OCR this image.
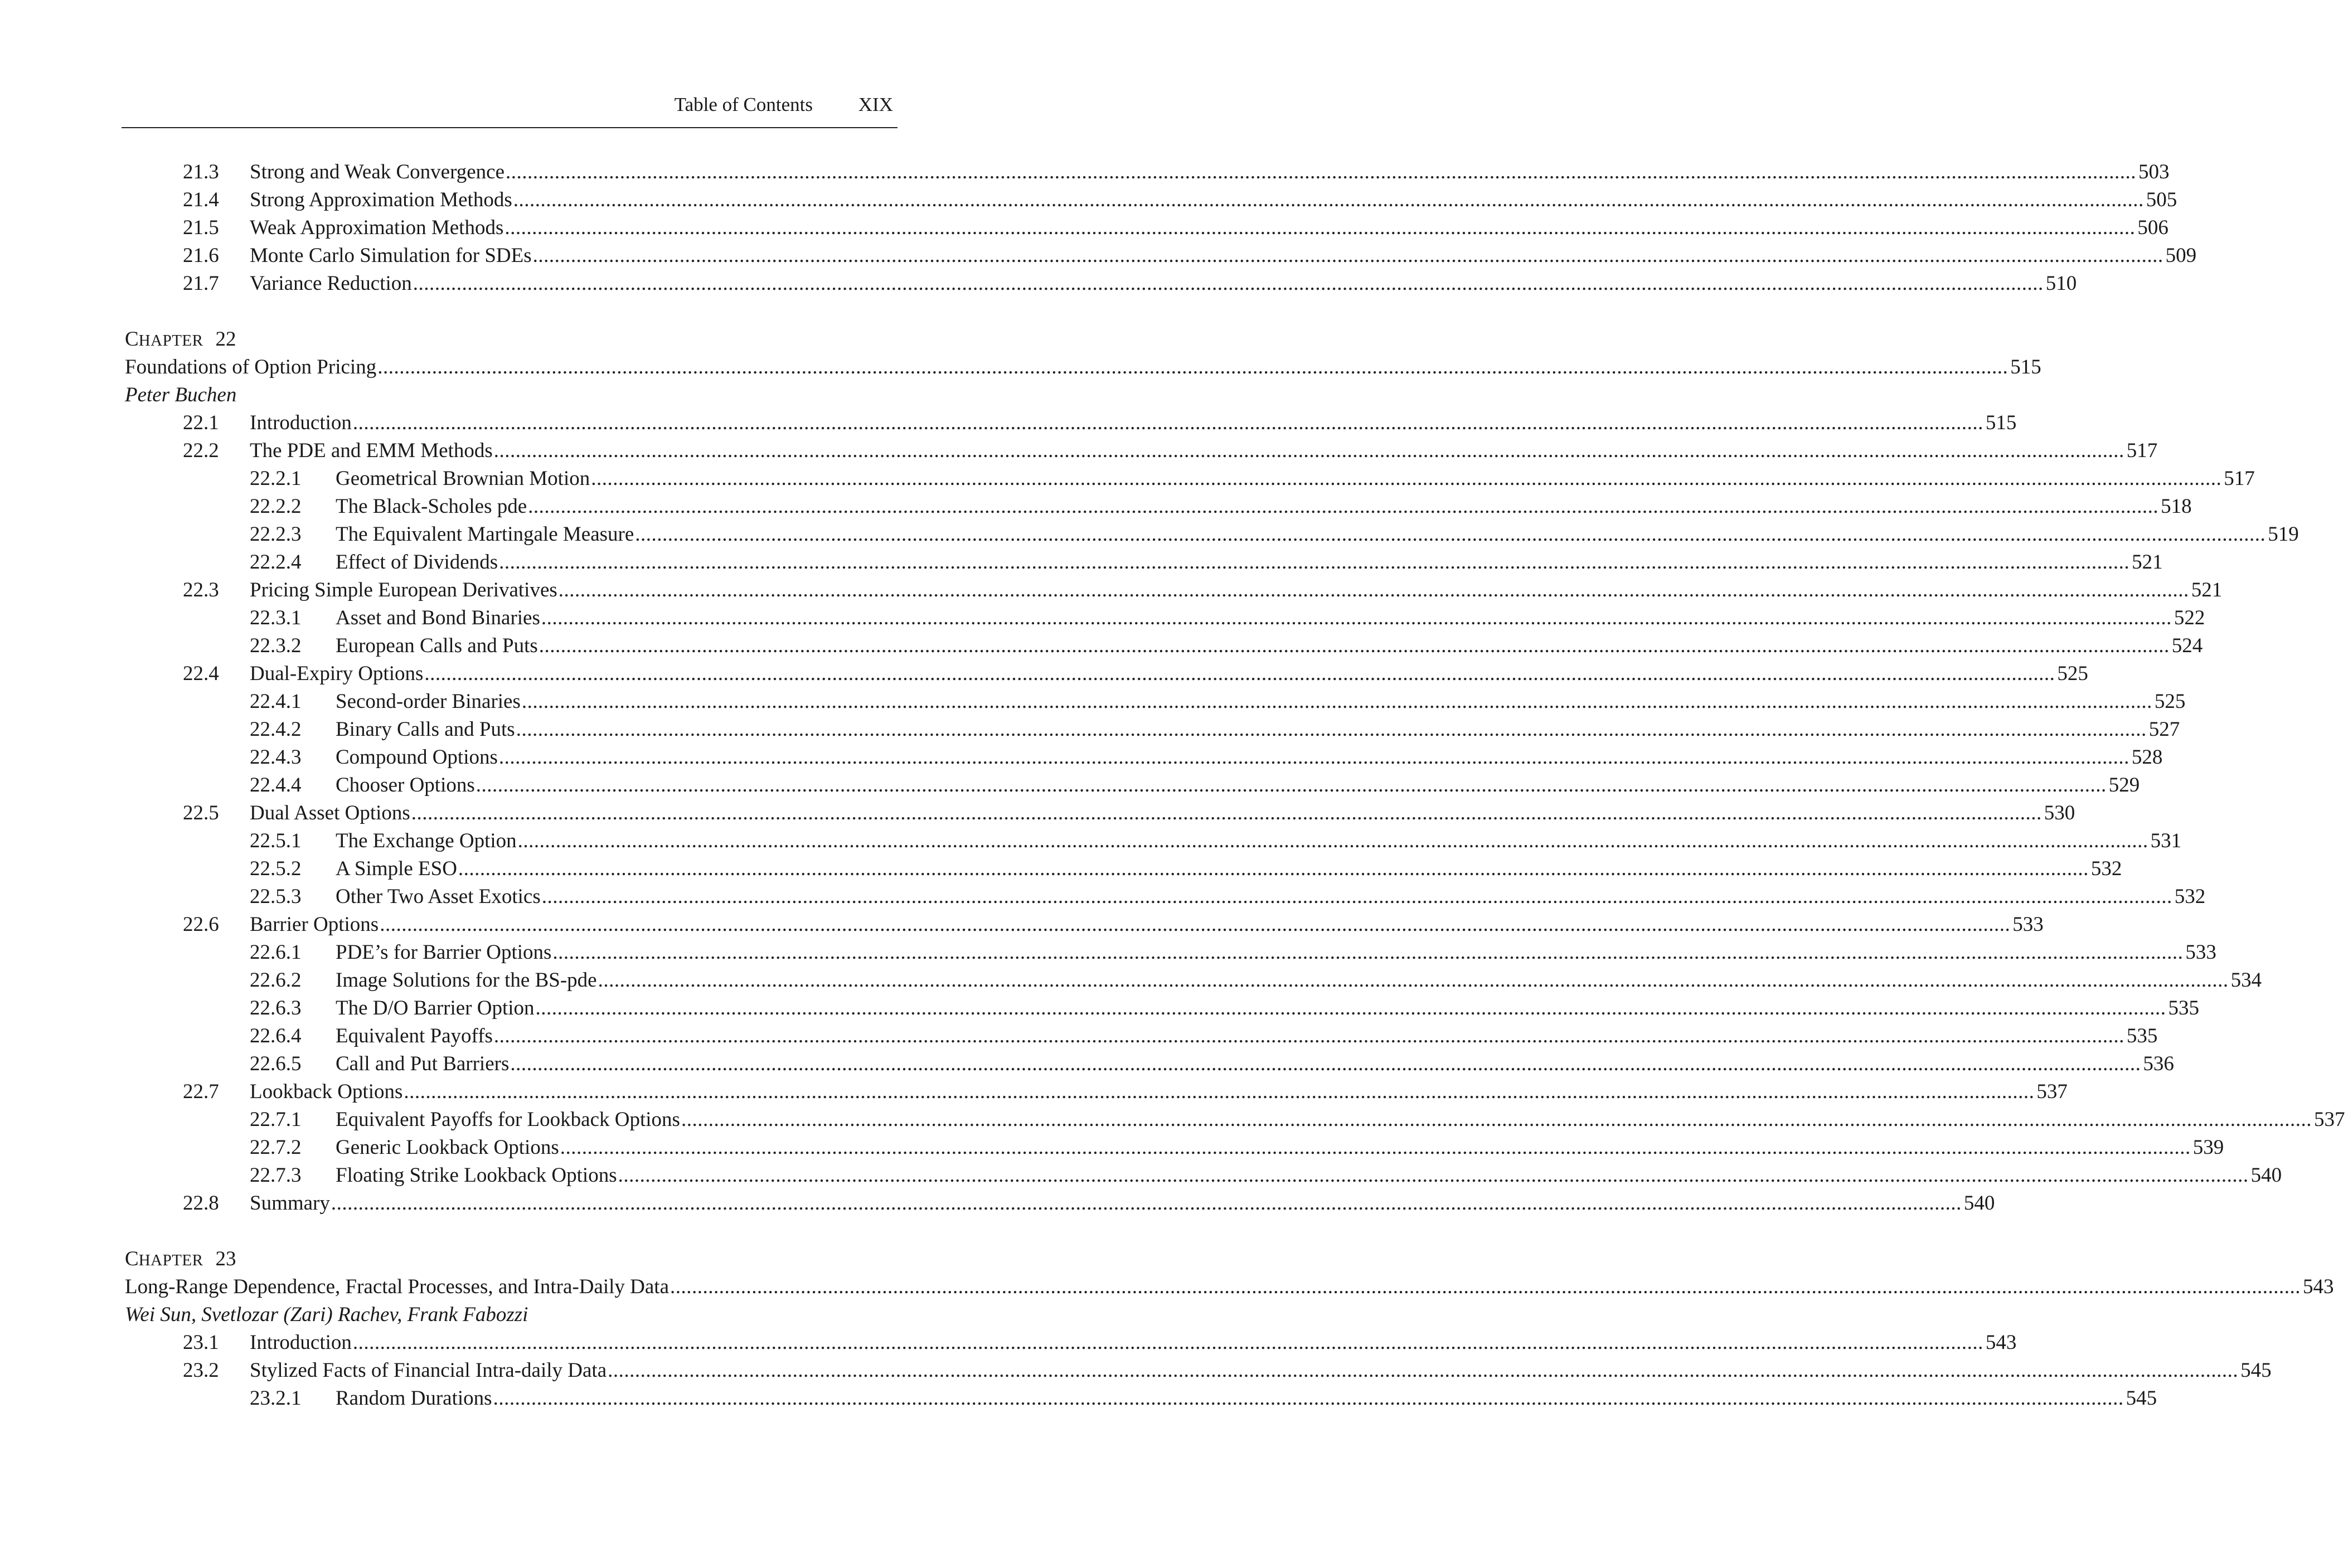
Table of Contents XIX
21.3 Strong and Weak Convergence ............................................................................................................................................................................................................................................................................................................ 503
21.4 Strong Approximation Methods ............................................................................................................................................................................................................................................................................................................ 505
21.5 Weak Approximation Methods ............................................................................................................................................................................................................................................................................................................ 506
21.6 Monte Carlo Simulation for SDEs ............................................................................................................................................................................................................................................................................................................ 509
21.7 Variance Reduction ............................................................................................................................................................................................................................................................................................................ 510
CHAPTER 22
Foundations of Option Pricing ............................................................................................................................................................................................................................................................................................................ 515
Peter Buchen
22.1 Introduction ............................................................................................................................................................................................................................................................................................................ 515
22.2 The PDE and EMM Methods ............................................................................................................................................................................................................................................................................................................ 517
22.2.1 Geometrical Brownian Motion ............................................................................................................................................................................................................................................................................................................ 517
22.2.2 The Black-Scholes pde ............................................................................................................................................................................................................................................................................................................ 518
22.2.3 The Equivalent Martingale Measure ............................................................................................................................................................................................................................................................................................................ 519
22.2.4 Effect of Dividends ............................................................................................................................................................................................................................................................................................................ 521
22.3 Pricing Simple European Derivatives ............................................................................................................................................................................................................................................................................................................ 521
22.3.1 Asset and Bond Binaries ............................................................................................................................................................................................................................................................................................................ 522
22.3.2 European Calls and Puts ............................................................................................................................................................................................................................................................................................................ 524
22.4 Dual-Expiry Options ............................................................................................................................................................................................................................................................................................................ 525
22.4.1 Second-order Binaries ............................................................................................................................................................................................................................................................................................................ 525
22.4.2 Binary Calls and Puts ............................................................................................................................................................................................................................................................................................................ 527
22.4.3 Compound Options ............................................................................................................................................................................................................................................................................................................ 528
22.4.4 Chooser Options ............................................................................................................................................................................................................................................................................................................ 529
22.5 Dual Asset Options ............................................................................................................................................................................................................................................................................................................ 530
22.5.1 The Exchange Option ............................................................................................................................................................................................................................................................................................................ 531
22.5.2 A Simple ESO ............................................................................................................................................................................................................................................................................................................ 532
22.5.3 Other Two Asset Exotics ............................................................................................................................................................................................................................................................................................................ 532
22.6 Barrier Options ............................................................................................................................................................................................................................................................................................................ 533
22.6.1 PDE’s for Barrier Options ............................................................................................................................................................................................................................................................................................................ 533
22.6.2 Image Solutions for the BS-pde ............................................................................................................................................................................................................................................................................................................ 534
22.6.3 The D/O Barrier Option ............................................................................................................................................................................................................................................................................................................ 535
22.6.4 Equivalent Payoffs ............................................................................................................................................................................................................................................................................................................ 535
22.6.5 Call and Put Barriers ............................................................................................................................................................................................................................................................................................................ 536
22.7 Lookback Options ............................................................................................................................................................................................................................................................................................................ 537
22.7.1 Equivalent Payoffs for Lookback Options ............................................................................................................................................................................................................................................................................................................ 537
22.7.2 Generic Lookback Options ............................................................................................................................................................................................................................................................................................................ 539
22.7.3 Floating Strike Lookback Options ............................................................................................................................................................................................................................................................................................................ 540
22.8 Summary ............................................................................................................................................................................................................................................................................................................ 540
CHAPTER 23
Long-Range Dependence, Fractal Processes, and Intra-Daily Data ............................................................................................................................................................................................................................................................................................................ 543
Wei Sun, Svetlozar (Zari) Rachev, Frank Fabozzi
23.1 Introduction ............................................................................................................................................................................................................................................................................................................ 543
23.2 Stylized Facts of Financial Intra-daily Data ............................................................................................................................................................................................................................................................................................................ 545
23.2.1 Random Durations ............................................................................................................................................................................................................................................................................................................ 545
